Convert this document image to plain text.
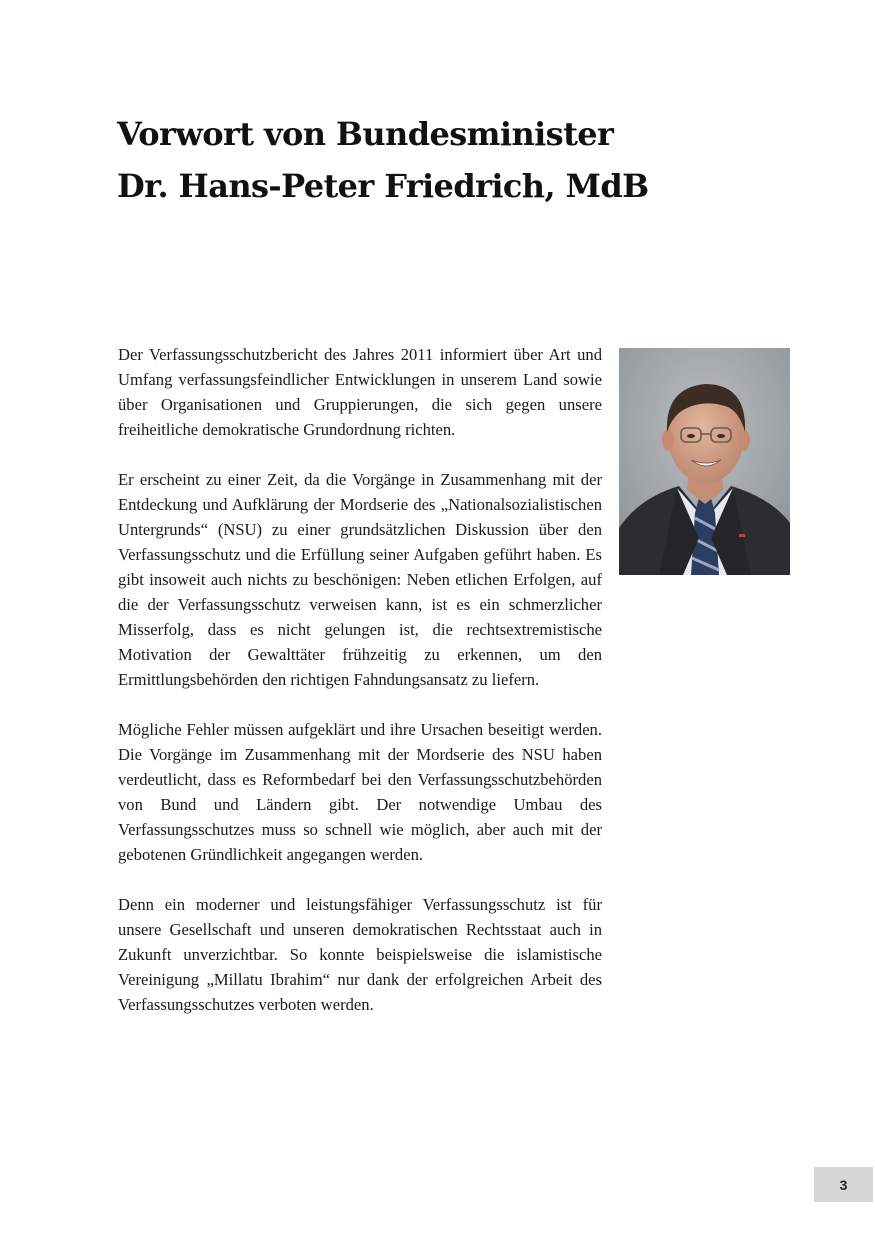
Vorwort von Bundesminister
Dr. Hans-Peter Friedrich, MdB

Der Verfassungsschutzbericht des Jahres 2011 informiert über Art und Umfang verfassungsfeindlicher Entwicklungen in unserem Land sowie über Organisationen und Gruppierungen, die sich gegen unsere freiheitliche demokratische Grundordnung richten.

Er erscheint zu einer Zeit, da die Vorgänge in Zusammenhang mit der Entdeckung und Aufklärung der Mordserie des „Nationalsozialistischen Untergrunds“ (NSU) zu einer grundsätzlichen Diskussion über den Verfassungsschutz und die Erfüllung seiner Aufgaben geführt haben. Es gibt insoweit auch nichts zu beschönigen: Neben etlichen Erfolgen, auf die der Verfassungsschutz verweisen kann, ist es ein schmerzlicher Misserfolg, dass es nicht gelungen ist, die rechtsextremistische Motivation der Gewalttäter frühzeitig zu erkennen, um den Ermittlungsbehörden den richtigen Fahndungsansatz zu liefern.

Mögliche Fehler müssen aufgeklärt und ihre Ursachen beseitigt werden. Die Vorgänge im Zusammenhang mit der Mordserie des NSU haben verdeutlicht, dass es Reformbedarf bei den Verfassungsschutzbehörden von Bund und Ländern gibt. Der notwendige Umbau des Verfassungsschutzes muss so schnell wie möglich, aber auch mit der gebotenen Gründlichkeit angegangen werden.

Denn ein moderner und leistungsfähiger Verfassungsschutz ist für unsere Gesellschaft und unseren demokratischen Rechtsstaat auch in Zukunft unverzichtbar. So konnte beispielsweise die islamistische Vereinigung „Millatu Ibrahim“ nur dank der erfolgreichen Arbeit des Verfassungsschutzes verboten werden.

3
